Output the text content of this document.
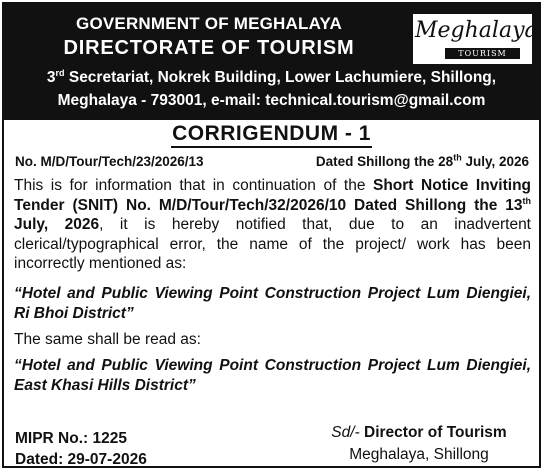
GOVERNMENT OF MEGHALAYA
DIRECTORATE OF TOURISM
Meghalaya
TOURISM
3rd Secretariat, Nokrek Building, Lower Lachumiere, Shillong,
Meghalaya - 793001, e-mail: technical.tourism@gmail.com
CORRIGENDUM - 1
No. M/D/Tour/Tech/23/2026/13	Dated Shillong the 28th July, 2026

This is for information that in continuation of the Short Notice Inviting Tender (SNIT) No. M/D/Tour/Tech/32/2026/10 Dated Shillong the 13th July, 2026, it is hereby notified that, due to an inadvertent clerical/typographical error, the name of the project/ work has been incorrectly mentioned as:

“Hotel and Public Viewing Point Construction Project Lum Diengiei, Ri Bhoi District”

The same shall be read as:

“Hotel and Public Viewing Point Construction Project Lum Diengiei, East Khasi Hills District”

MIPR No.: 1225
Dated: 29-07-2026
Sd/- Director of Tourism
Meghalaya, Shillong
